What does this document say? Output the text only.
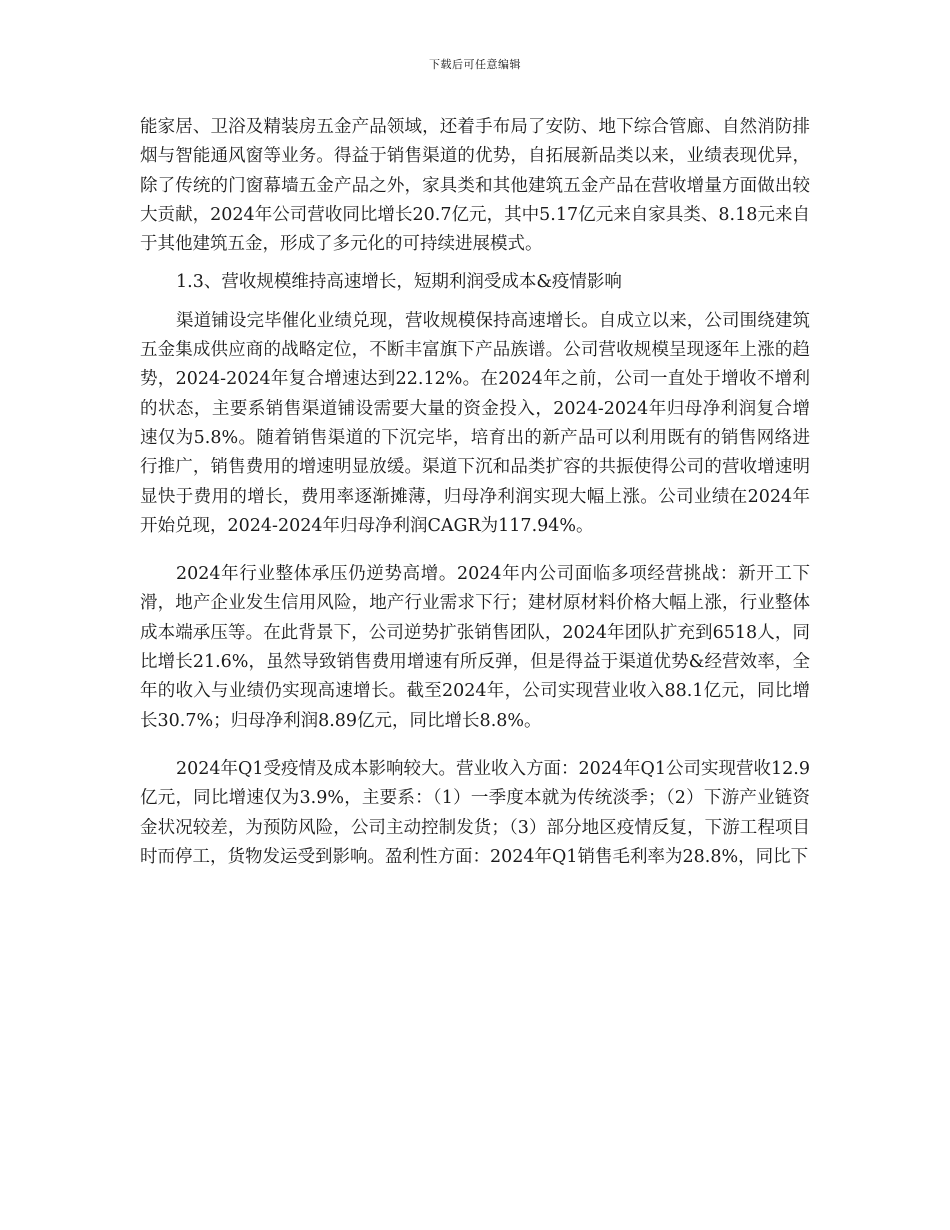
下载后可任意编辑

能家居、卫浴及精装房五金产品领域，还着手布局了安防、地下综合管廊、自然消防排烟与智能通风窗等业务。得益于销售渠道的优势，自拓展新品类以来，业绩表现优异，除了传统的门窗幕墙五金产品之外，家具类和其他建筑五金产品在营收增量方面做出较大贡献，2024年公司营收同比增长20.7亿元，其中5.17亿元来自家具类、8.18元来自于其他建筑五金，形成了多元化的可持续进展模式。

1.3、营收规模维持高速增长，短期利润受成本&疫情影响

渠道铺设完毕催化业绩兑现，营收规模保持高速增长。自成立以来，公司围绕建筑五金集成供应商的战略定位，不断丰富旗下产品族谱。公司营收规模呈现逐年上涨的趋势，2024-2024年复合增速达到22.12%。在2024年之前，公司一直处于增收不增利的状态，主要系销售渠道铺设需要大量的资金投入，2024-2024年归母净利润复合增速仅为5.8%。随着销售渠道的下沉完毕，培育出的新产品可以利用既有的销售网络进行推广，销售费用的增速明显放缓。渠道下沉和品类扩容的共振使得公司的营收增速明显快于费用的增长，费用率逐渐摊薄，归母净利润实现大幅上涨。公司业绩在2024年开始兑现，2024-2024年归母净利润CAGR为117.94%。

2024年行业整体承压仍逆势高增。2024年内公司面临多项经营挑战：新开工下滑，地产企业发生信用风险，地产行业需求下行；建材原材料价格大幅上涨，行业整体成本端承压等。在此背景下，公司逆势扩张销售团队，2024年团队扩充到6518人，同比增长21.6%，虽然导致销售费用增速有所反弹，但是得益于渠道优势&经营效率，全年的收入与业绩仍实现高速增长。截至2024年，公司实现营业收入88.1亿元，同比增长30.7%；归母净利润8.89亿元，同比增长8.8%。

2024年Q1受疫情及成本影响较大。营业收入方面：2024年Q1公司实现营收12.9亿元，同比增速仅为3.9%，主要系：（1）一季度本就为传统淡季；（2）下游产业链资金状况较差，为预防风险，公司主动控制发货；（3）部分地区疫情反复，下游工程项目时而停工，货物发运受到影响。盈利性方面：2024年Q1销售毛利率为28.8%，同比下
